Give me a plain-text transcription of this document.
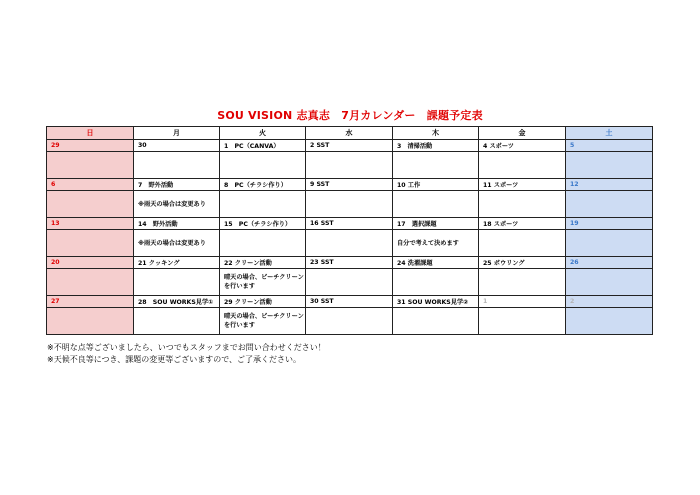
SOU VISION 志真志　7月カレンダー　課題予定表
日	月	火	水	木	金	土
29	30	1　PC（CANVA）	2 SST	3　清掃活動	4 スポーツ	5

6	7　野外活動	8　PC（チラシ作り）	9 SST	10 工作	11 スポーツ	12
	※雨天の場合は変更あり					
13	14　野外活動	15　PC（チラシ作り）	16 SST	17　選択課題	18 スポーツ	19
	※雨天の場合は変更あり			自分で考えて決めます		
20	21 クッキング	22 クリーン活動	23 SST	24 洗濯課題	25 ボウリング	26
		晴天の場合、ビーチクリーンを行います				
27	28　SOU WORKS見学①	29 クリーン活動	30 SST	31 SOU WORKS見学②	1	2
		晴天の場合、ビーチクリーンを行います				
※不明な点等ございましたら、いつでもスタッフまでお問い合わせください！
※天候不良等につき、課題の変更等ございますので、ご了承ください。
